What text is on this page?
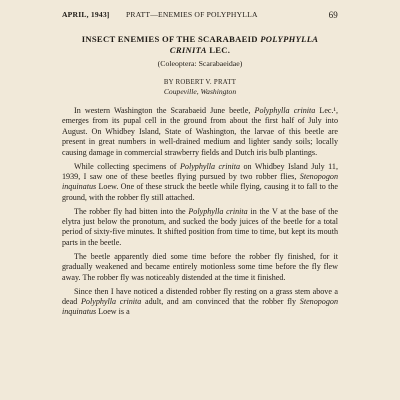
APRIL, 1943] PRATT—ENEMIES OF POLYPHYLLA	69

INSECT ENEMIES OF THE SCARABAEID POLYPHYLLA
CRINITA LEC.

(Coleoptera: Scarabaeidae)

BY ROBERT V. PRATT

Coupeville, Washington

In western Washington the Scarabaeid June beetle, Polyphylla crinita Lec.¹, emerges from its pupal cell in the ground from about the first half of July into August. On Whidbey Island, State of Washington, the larvae of this beetle are present in great numbers in well-drained medium and lighter sandy soils; locally causing damage in commercial strawberry fields and Dutch iris bulb plantings.

While collecting specimens of Polyphylla crinita on Whidbey Island July 11, 1939, I saw one of these beetles flying pursued by two robber flies, Stenopogon inquinatus Loew. One of these struck the beetle while flying, causing it to fall to the ground, with the robber fly still attached.

The robber fly had bitten into the Polyphylla crinita in the V at the base of the elytra just below the pronotum, and sucked the body juices of the beetle for a total period of sixty-five minutes. It shifted position from time to time, but kept its mouth parts in the beetle.

The beetle apparently died some time before the robber fly finished, for it gradually weakened and became entirely motionless some time before the fly flew away. The robber fly was noticeably distended at the time it finished.

Since then I have noticed a distended robber fly resting on a grass stem above a dead Polyphylla crinita adult, and am convinced that the robber fly Stenopogon inquinatus Loew is a
